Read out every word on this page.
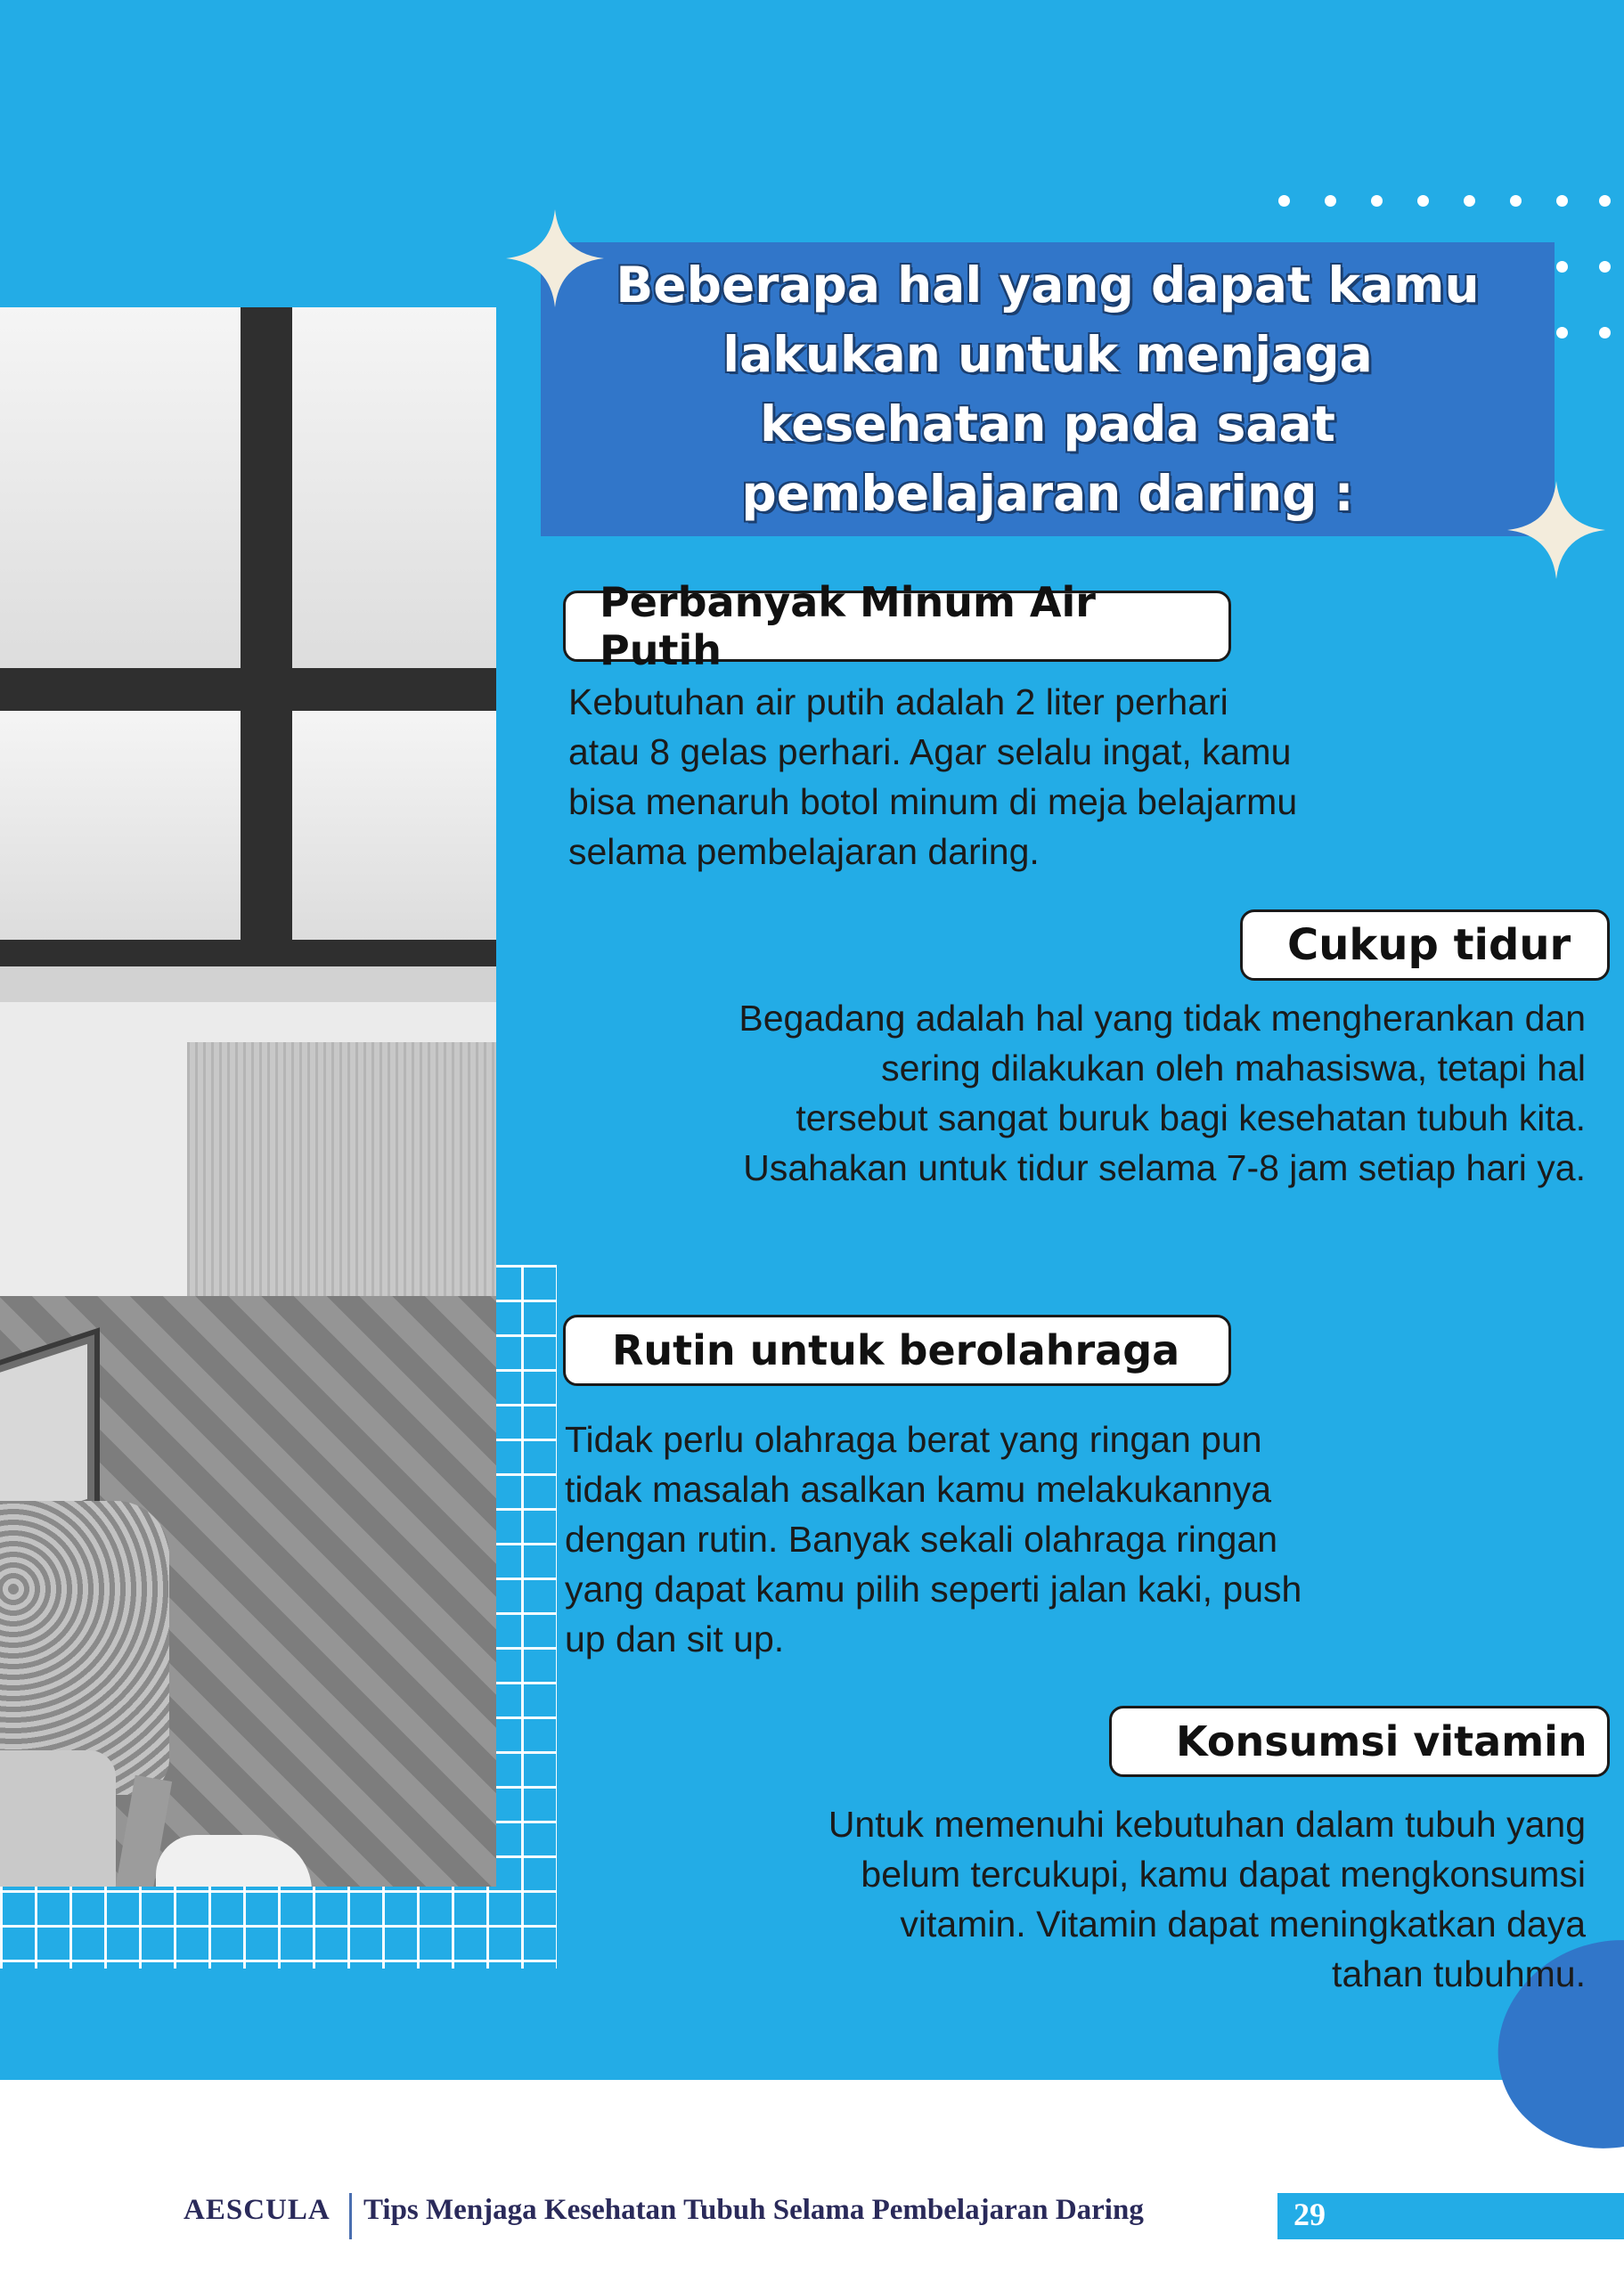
Beberapa hal yang dapat kamu lakukan untuk menjaga kesehatan pada saat pembelajaran daring :
Perbanyak Minum Air Putih
Kebutuhan air putih adalah 2 liter perhari
atau 8 gelas perhari. Agar selalu ingat, kamu
bisa menaruh botol minum di meja belajarmu
selama pembelajaran daring.
Cukup tidur
Begadang adalah hal yang tidak mengherankan dan
sering dilakukan oleh mahasiswa, tetapi hal
tersebut sangat buruk bagi kesehatan tubuh kita.
Usahakan untuk tidur selama 7-8 jam setiap hari ya.
Rutin untuk berolahraga
Tidak perlu olahraga berat yang ringan pun
tidak masalah asalkan kamu melakukannya
dengan rutin. Banyak sekali olahraga ringan
yang dapat kamu pilih seperti jalan kaki, push
up dan sit up.
Konsumsi vitamin
Untuk memenuhi kebutuhan dalam tubuh yang
belum tercukupi, kamu dapat mengkonsumsi
vitamin. Vitamin dapat meningkatkan daya
tahan tubuhmu.
AESCULA Tips Menjaga Kesehatan Tubuh Selama Pembelajaran Daring	29
